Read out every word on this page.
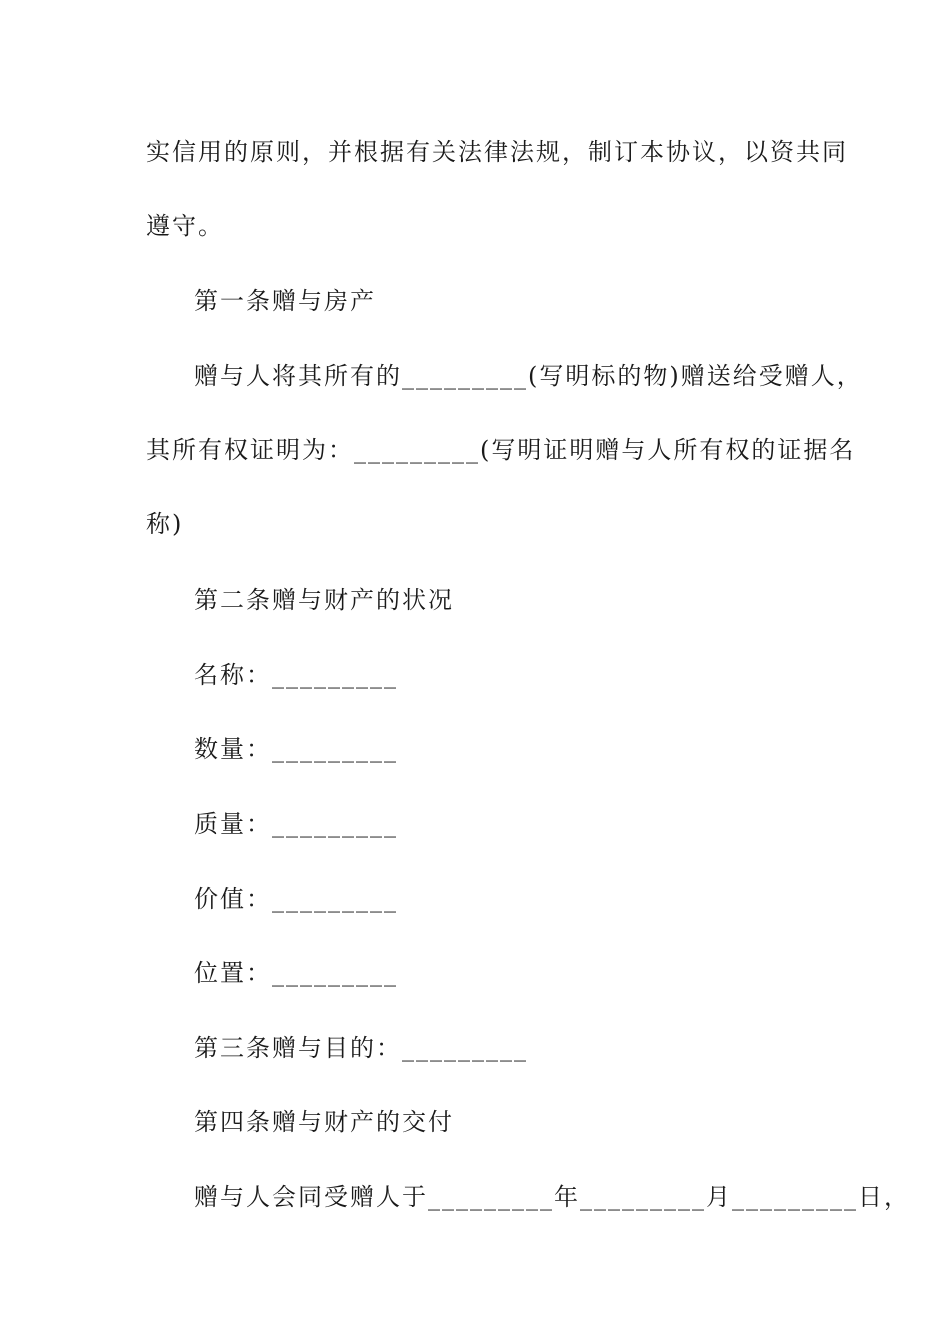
实信用的原则，并根据有关法律法规，制订本协议，以资共同
遵守。
第一条赠与房产
赠与人将其所有的_________(写明标的物)赠送给受赠人，
其所有权证明为：_________(写明证明赠与人所有权的证据名
称)
第二条赠与财产的状况
名称：_________
数量：_________
质量：_________
价值：_________
位置：_________
第三条赠与目的：_________
第四条赠与财产的交付
赠与人会同受赠人于_________年_________月_________日，
